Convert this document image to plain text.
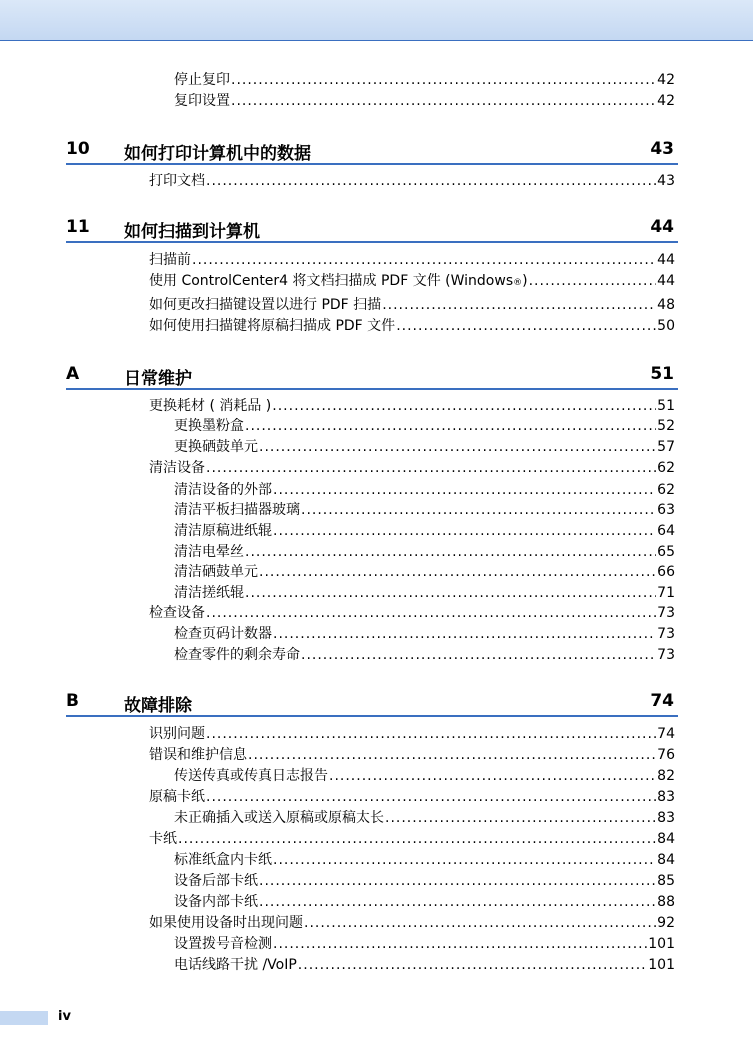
停止复印 .....	42
复印设置 .....	42
10	如何打印计算机中的数据	43
打印文档 .....	43
11	如何扫描到计算机	44
扫描前 .....	44
使用 ControlCenter4 将文档扫描成 PDF 文件 (Windows ® ) .....	44
如何更改扫描键设置以进行 PDF 扫描 .....	48
如何使用扫描键将原稿扫描成 PDF 文件 .....	50
A	日常维护	51
更换耗材 ( 消耗品 ) .....	51
更换墨粉盒 .....	52
更换硒鼓单元 .....	57
清洁设备 .....	62
清洁设备的外部 .....	62
清洁平板扫描器玻璃 .....	63
清洁原稿进纸辊 .....	64
清洁电晕丝 .....	65
清洁硒鼓单元 .....	66
清洁搓纸辊 .....	71
检查设备 .....	73
检查页码计数器 .....	73
检查零件的剩余寿命 .....	73
B	故障排除	74
识别问题 .....	74
错误和维护信息 .....	76
传送传真或传真日志报告 .....	82
原稿卡纸 .....	83
未正确插入或送入原稿或原稿太长 .....	83
卡纸 .....	84
标准纸盒内卡纸 .....	84
设备后部卡纸 .....	85
设备内部卡纸 .....	88
如果使用设备时出现问题 .....	92
设置拨号音检测 .....	101
电话线路干扰 /VoIP .....	101
iv
